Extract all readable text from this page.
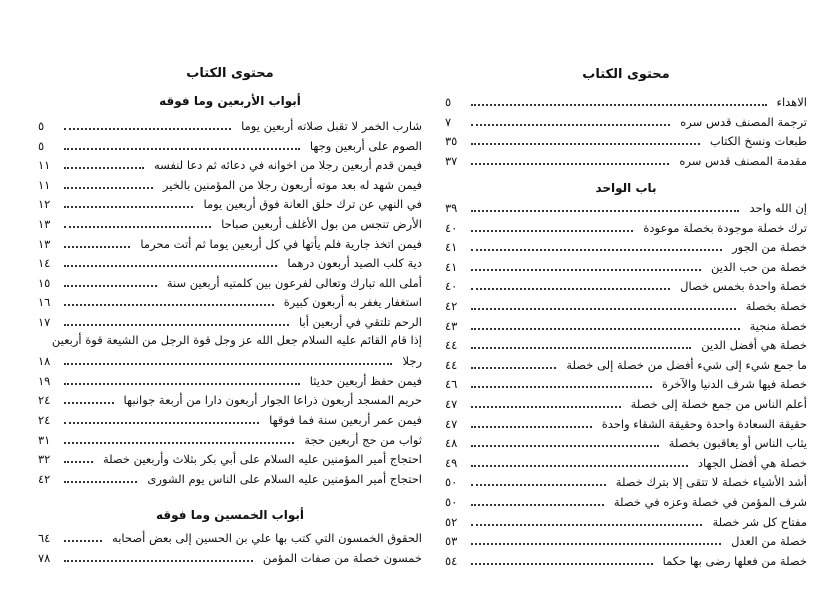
محتوى الكتاب
أبواب الأربعين وما فوقه
شارب الخمر لا تقبل صلاته أربعين يوما
٥
الصوم على أربعين وجها
٥
فيمن قدم أربعين رجلا من اخوانه في دعائه ثم دعا لنفسه
١١
فيمن شهد له بعد موته أربعون رجلا من المؤمنين بالخير
١١
في النهي عن ترك حلق العانة فوق أربعين يوما
١٢
الأرض تنجس من بول الأغلف أربعين صباحا
١٣
فيمن اتخذ جارية فلم يأتها في كل أربعين يوما ثم أتت محرما
١٣
دية كلب الصيد أربعون درهما
١٤
أملى الله تبارك وتعالى لفرعون بين كلمتيه أربعين سنة
١٥
استغفار يغفر به أربعون كبيرة
١٦
الرحم تلتقي في أربعين أبا
١٧
إذا قام القائم عليه السلام جعل الله عز وجل قوة الرجل من الشيعة قوة أربعين
رجلا
١٨
فيمن حفظ أربعين حديثا
١٩
حريم المسجد أربعون ذراعا الجوار أربعون دارا من أربعة جوانبها
٢٤
فيمن عمر أربعين سنة فما فوقها
٢٤
ثواب من حج أربعين حجة
٣١
احتجاج أمير المؤمنين عليه السلام على أبي بكر بثلاث وأربعين خصلة
٣٢
احتجاج أمير المؤمنين عليه السلام على الناس يوم الشورى
٤٢
أبواب الخمسين وما فوقه
الحقوق الخمسون التي كتب بها علي بن الحسين إلى بعض أصحابه
٦٤
خمسون خصلة من صفات المؤمن
٧٨
محتوى الكتاب
الاهداء
٥
ترجمة المصنف قدس سره
٧
طبعات ونسخ الكتاب
٣٥
مقدمة المصنف قدس سره
٣٧
باب الواحد
إن الله واحد
٣٩
ترك خصلة موجودة بخصلة موعودة
٤٠
خصلة من الجور
٤١
خصلة من حب الدين
٤١
خصلة واحدة بخمس خصال
٤٠
خصلة بخصلة
٤٢
خصلة منجية
٤٣
خصلة هي أفضل الدين
٤٤
ما جمع شيء إلى شيء أفضل من خصلة إلى خصلة
٤٤
خصلة فيها شرف الدنيا والآخرة
٤٦
أعلم الناس من جمع خصلة إلى خصلة
٤٧
حقيقة السعادة واحدة وحقيقة الشقاء واحدة
٤٧
يثاب الناس أو يعاقبون بخصلة
٤٨
خصلة هي أفضل الجهاد
٤٩
أشد الأشياء خصلة لا تتقى إلا بترك خصلة
٥٠
شرف المؤمن في خصلة وعزه في خصلة
٥٠
مفتاح كل شر خصلة
٥٢
خصلة من العدل
٥٣
خصلة من فعلها رضى بها حكما
٥٤
